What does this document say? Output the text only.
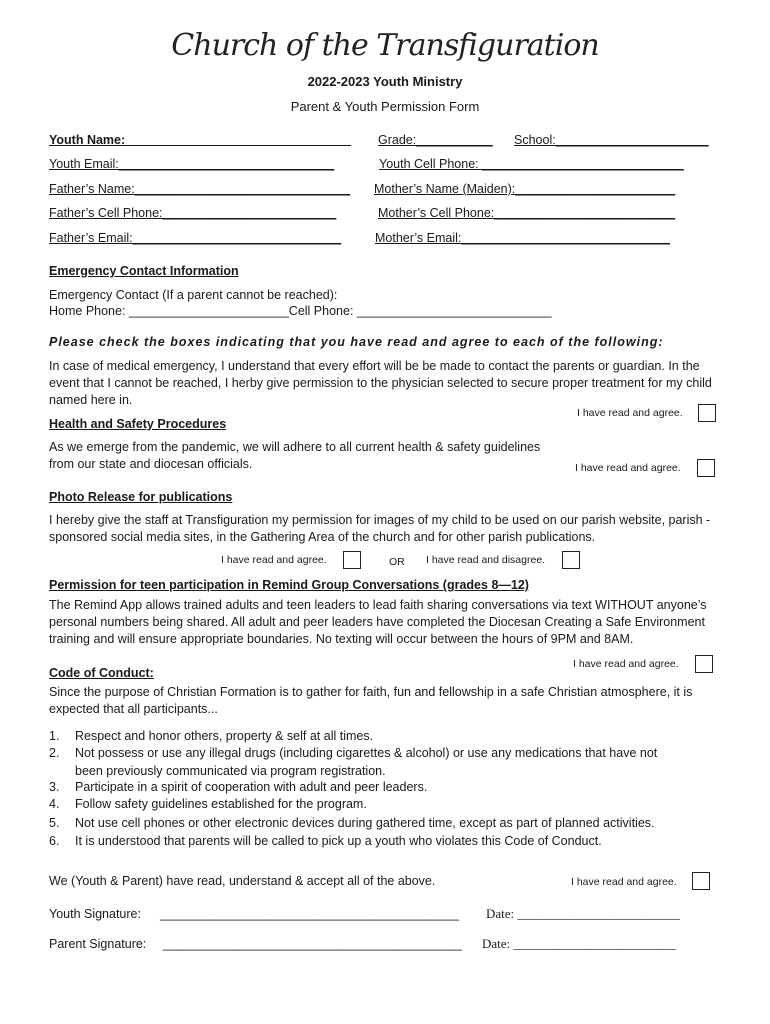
Church of the Transfiguration
2022-2023 Youth Ministry
Parent & Youth Permission Form
Youth Name: ________________________________ Grade:___________ School:______________________
Youth Email:_______________________________	Youth Cell Phone: _____________________________
Father’s Name:_______________________________ Mother’s Name (Maiden):_______________________
Father’s Cell Phone:_________________________	Mother’s Cell Phone:__________________________
Father’s Email:______________________________	Mother’s Email:______________________________
Emergency Contact Information
Emergency Contact (If a parent cannot be reached):
Home Phone: _______________________Cell Phone: ____________________________
Please check the boxes indicating that you have read and agree to each of the following:
In case of medical emergency, I understand that every effort will be be made to contact the parents or guardian. In the event that I cannot be reached, I herby give permission to the physician selected to secure proper treatment for my child named here in.
I have read and agree.
Health and Safety Procedures
As we emerge from the pandemic, we will adhere to all current health & safety guidelines from our state and diocesan officials.	I have read and agree.
Photo Release for publications
I hereby give the staff at Transfiguration my permission for images of my child to be used on our parish website, parish -sponsored social media sites, in the Gathering Area of the church and for other parish publications.
I have read and agree.	OR I have read and disagree.
Permission for teen participation in Remind Group Conversations (grades 8—12)
The Remind App allows trained adults and teen leaders to lead faith sharing conversations via text WITHOUT anyone’s personal numbers being shared. All adult and peer leaders have completed the Diocesan Creating a Safe Environment training and will ensure appropriate boundaries. No texting will occur between the hours of 9PM and 8AM.
I have read and agree.
Code of Conduct:
Since the purpose of Christian Formation is to gather for faith, fun and fellowship in a safe Christian atmosphere, it is expected that all participants...
1. Respect and honor others, property & self at all times.
2. Not possess or use any illegal drugs (including cigarettes & alcohol) or use any medications that have not been previously communicated via program registration.
3. Participate in a spirit of cooperation with adult and peer leaders.
4. Follow safety guidelines established for the program.
5. Not use cell phones or other electronic devices during gathered time, except as part of planned activities.
6. It is understood that parents will be called to pick up a youth who violates this Code of Conduct.
We (Youth & Parent) have read, understand & accept all of the above.	I have read and agree.
Youth Signature: ___________________________________________ Date: _________________________
Parent Signature: ___________________________________________ Date: _________________________
